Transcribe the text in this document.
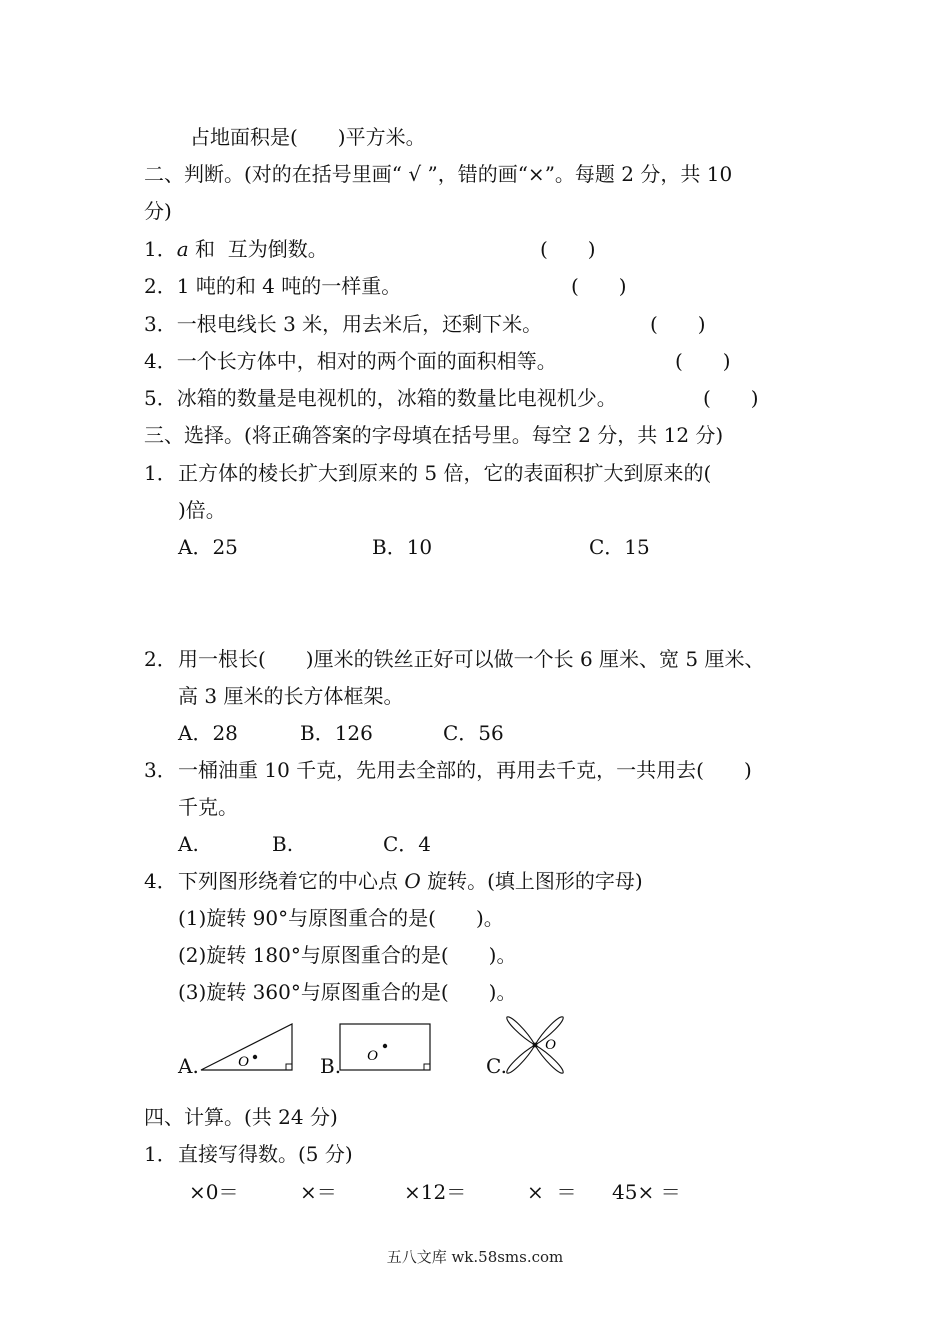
占地面积是(　　)平方米。
二、判断。(对的在括号里画“ √ ”，错的画“×”。每题 2 分，共 10
分)
1．a 和  互为倒数。	(　　)
2．1 吨的和 4 吨的一样重。	(　　)
3．一根电线长 3 米，用去米后，还剩下米。	(　　)
4．一个长方体中，相对的两个面的面积相等。	(　　)
5．冰箱的数量是电视机的，冰箱的数量比电视机少。	(　　)
三、选择。(将正确答案的字母填在括号里。每空 2 分，共 12 分)
1． 正方体的棱长扩大到原来的 5 倍，它的表面积扩大到原来的(
)倍。
A．25	B．10	C．15
2． 用一根长(　　)厘米的铁丝正好可以做一个长 6 厘米、宽 5 厘米、
高 3 厘米的长方体框架。
A．28	B．126	C．56
3． 一桶油重 10 千克，先用去全部的，再用去千克，一共用去(　　)
千克。
A.	B.	C．4
4． 下列图形绕着它的中心点 O 旋转。(填上图形的字母)
(1)旋转 90°与原图重合的是(　　)。
(2)旋转 180°与原图重合的是(　　)。
(3)旋转 360°与原图重合的是(　　)。
A.	O	B. O	C.
O
四、计算。(共 24 分)
1． 直接写得数。(5 分)
×0＝	×＝	×12＝	×  ＝ 45× ＝
五八文库 wk.58sms.com
